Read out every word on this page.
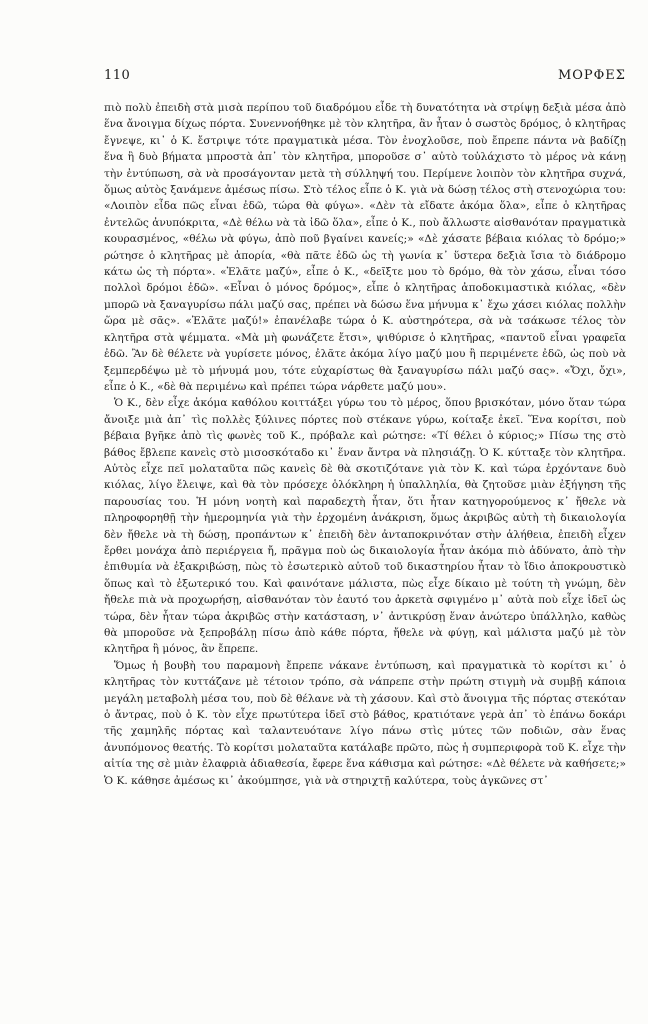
110	ΜΟΡΦΕΣ

πιὸ πολὺ ἐπειδὴ στὰ μισὰ περίπου τοῦ διαδρόμου εἶδε τὴ δυνατότητα νὰ στρίψῃ δεξιὰ μέσα ἀπὸ ἕνα ἄνοιγμα δίχως πόρτα. Συνεννοήθηκε μὲ τὸν κλητῆρα, ἂν ἦταν ὁ σωστὸς δρόμος, ὁ κλητῆρας ἔγνεψε, κι᾽ ὁ Κ. ἔστριψε τότε πραγματικὰ μέσα. Τὸν ἐνοχλοῦσε, ποὺ ἔπρεπε πάντα νὰ βαδίζῃ ἕνα ἢ δυὸ βήματα μπροστὰ ἀπ᾽ τὸν κλητῆρα, μποροῦσε σ᾽ αὐτὸ τοὐλάχιστο τὸ μέρος νὰ κάνῃ τὴν ἐντύπωση, σὰ νὰ προσάγονταν μετὰ τὴ σύλληψή του. Περίμενε λοιπὸν τὸν κλητῆρα συχνά, ὅμως αὐτὸς ξανάμενε ἀμέσως πίσω. Στὸ τέλος εἶπε ὁ Κ. γιὰ νὰ δώσῃ τέλος στὴ στενοχώρια του: «Λοιπὸν εἶδα πῶς εἶναι ἐδῶ, τώρα θὰ φύγω». «Δὲν τὰ εἴδατε ἀκόμα ὅλα», εἶπε ὁ κλητῆρας ἐντελῶς ἀνυπόκριτα, «Δὲ θέλω νὰ τὰ ἰδῶ ὅλα», εἶπε ὁ Κ., ποὺ ἄλλωστε αἰσθανόταν πραγματικὰ κουρασμένος, «θέλω νὰ φύγω, ἀπὸ ποῦ βγαίνει κανείς;» «Δὲ χάσατε βέβαια κιόλας τὸ δρόμο;» ρώτησε ὁ κλητῆρας μὲ ἀπορία, «θὰ πᾶτε ἐδῶ ὡς τὴ γωνία κ᾽ ὕστερα δεξιὰ ἴσια τὸ διάδρομο κάτω ὡς τὴ πόρτα». «Ἐλᾶτε μαζύ», εἶπε ὁ Κ., «δεῖξτε μου τὸ δρόμο, θὰ τὸν χάσω, εἶναι τόσο πολλοὶ δρόμοι ἐδῶ». «Εἶναι ὁ μόνος δρόμος», εἶπε ὁ κλητῆρας ἀποδοκιμαστικὰ κιόλας, «δὲν μπορῶ νὰ ξαναγυρίσω πάλι μαζύ σας, πρέπει νὰ δώσω ἕνα μήνυμα κ᾽ ἔχω χάσει κιόλας πολλὴν ὥρα μὲ σᾶς». «Ἐλᾶτε μαζύ!» ἐπανέλαβε τώρα ὁ Κ. αὐστηρότερα, σὰ νὰ τσάκωσε τέλος τὸν κλητῆρα στὰ ψέμματα. «Μὰ μὴ φωνάζετε ἔτσι», ψιθύρισε ὁ κλητῆρας, «παντοῦ εἶναι γραφεῖα ἐδῶ. Ἂν δὲ θέλετε νὰ γυρίσετε μόνος, ἐλᾶτε ἀκόμα λίγο μαζύ μου ἢ περιμένετε ἐδῶ, ὡς ποὺ νὰ ξεμπερδέψω μὲ τὸ μήνυμά μου, τότε εὐχαρίστως θὰ ξαναγυρίσω πάλι μαζύ σας». «Ὄχι, ὄχι», εἶπε ὁ Κ., «δὲ θὰ περιμένω καὶ πρέπει τώρα νάρθετε μαζύ μου».

Ὁ Κ., δὲν εἶχε ἀκόμα καθόλου κοιττάξει γύρω του τὸ μέρος, ὅπου βρισκόταν, μόνο ὅταν τώρα ἄνοιξε μιὰ ἀπ᾽ τὶς πολλὲς ξύλινες πόρτες ποὺ στέκανε γύρω, κοίταξε ἐκεῖ. Ἕνα κορίτσι, ποὺ βέβαια βγῆκε ἀπὸ τὶς φωνὲς τοῦ Κ., πρόβαλε καὶ ρώτησε: «Τί θέλει ὁ κύριος;» Πίσω της στὸ βάθος ἔβλεπε κανεὶς στὸ μισοσκόταδο κι᾽ ἕναν ἄντρα νὰ πλησιάζῃ. Ὁ Κ. κύτταξε τὸν κλητῆρα. Αὐτὸς εἶχε πεῖ μολαταῦτα πῶς κανεὶς δὲ θὰ σκοτιζότανε γιὰ τὸν Κ. καὶ τώρα ἐρχόντανε δυὸ κιόλας, λίγο ἔλειψε, καὶ θὰ τὸν πρόσεχε ὁλόκληρη ἡ ὑπαλληλία, θὰ ζητοῦσε μιὰν ἐξήγηση τῆς παρουσίας του. Ἡ μόνη νοητὴ καὶ παραδεχτὴ ἦταν, ὅτι ἦταν κατηγορούμενος κ᾽ ἤθελε νὰ πληροφορηθῇ τὴν ἡμερομηνία γιὰ τὴν ἐρχομένη ἀνάκριση, ὅμως ἀκριβῶς αὐτὴ τὴ δικαιολογία δὲν ἤθελε νὰ τὴ δώσῃ, προπάντων κ᾽ ἐπειδὴ δὲν ἀνταποκρινόταν στὴν ἀλήθεια, ἐπειδὴ εἶχεν ἔρθει μονάχα ἀπὸ περιέργεια ἤ, πρᾶγμα ποὺ ὡς δικαιολογία ἦταν ἀκόμα πιὸ ἀδύνατο, ἀπὸ τὴν ἐπιθυμία νὰ ἐξακριβώσῃ, πὼς τὸ ἐσωτερικὸ αὐτοῦ τοῦ δικαστηρίου ἦταν τὸ ἴδιο ἀποκρουστικὸ ὅπως καὶ τὸ ἐξωτερικό του. Καὶ φαινότανε μάλιστα, πὼς εἶχε δίκαιο μὲ τούτη τὴ γνώμη, δὲν ἤθελε πιὰ νὰ προχωρήσῃ, αἰσθανόταν τὸν ἑαυτό του ἀρκετὰ σφιγμένο μ᾽ αὐτὰ ποὺ εἶχε ἰδεῖ ὡς τώρα, δὲν ἦταν τώρα ἀκριβῶς στὴν κατάσταση, ν᾽ ἀντικρύσῃ ἕναν ἀνώτερο ὑπάλληλο, καθὼς θὰ μποροῦσε νὰ ξεπροβάλῃ πίσω ἀπὸ κάθε πόρτα, ἤθελε νὰ φύγῃ, καὶ μάλιστα μαζύ μὲ τὸν κλητῆρα ἢ μόνος, ἂν ἔπρεπε.

Ὅμως ἡ βουβὴ του παραμονὴ ἔπρεπε νάκανε ἐντύπωση, καὶ πραγματικὰ τὸ κορίτσι κι᾽ ὁ κλητῆρας τὸν κυττάζανε μὲ τέτοιον τρόπο, σὰ νάπρεπε στὴν πρώτη στιγμὴ νὰ συμβῇ κάποια μεγάλη μεταβολὴ μέσα του, ποὺ δὲ θέλανε νὰ τὴ χάσουν. Καὶ στὸ ἄνοιγμα τῆς πόρτας στεκόταν ὁ ἄντρας, ποὺ ὁ Κ. τὸν εἶχε πρωτύτερα ἰδεῖ στὸ βάθος, κρατιότανε γερὰ ἀπ᾽ τὸ ἐπάνω δοκάρι τῆς χαμηλῆς πόρτας καὶ ταλαντευότανε λίγο πάνω στὶς μύτες τῶν ποδιῶν, σὰν ἕνας ἀνυπόμονος θεατής. Τὸ κορίτσι μολαταῦτα κατάλαβε πρῶτο, πὼς ἡ συμπεριφορὰ τοῦ Κ. εἶχε τὴν αἰτία της σὲ μιὰν ἐλαφριὰ ἀδιαθεσία, ἔφερε ἕνα κάθισμα καὶ ρώτησε: «Δὲ θέλετε νὰ καθήσετε;» Ὁ Κ. κάθησε ἀμέσως κι᾽ ἀκούμπησε, γιὰ νὰ στηριχτῇ καλύτερα, τοὺς ἀγκῶνες στ᾽
